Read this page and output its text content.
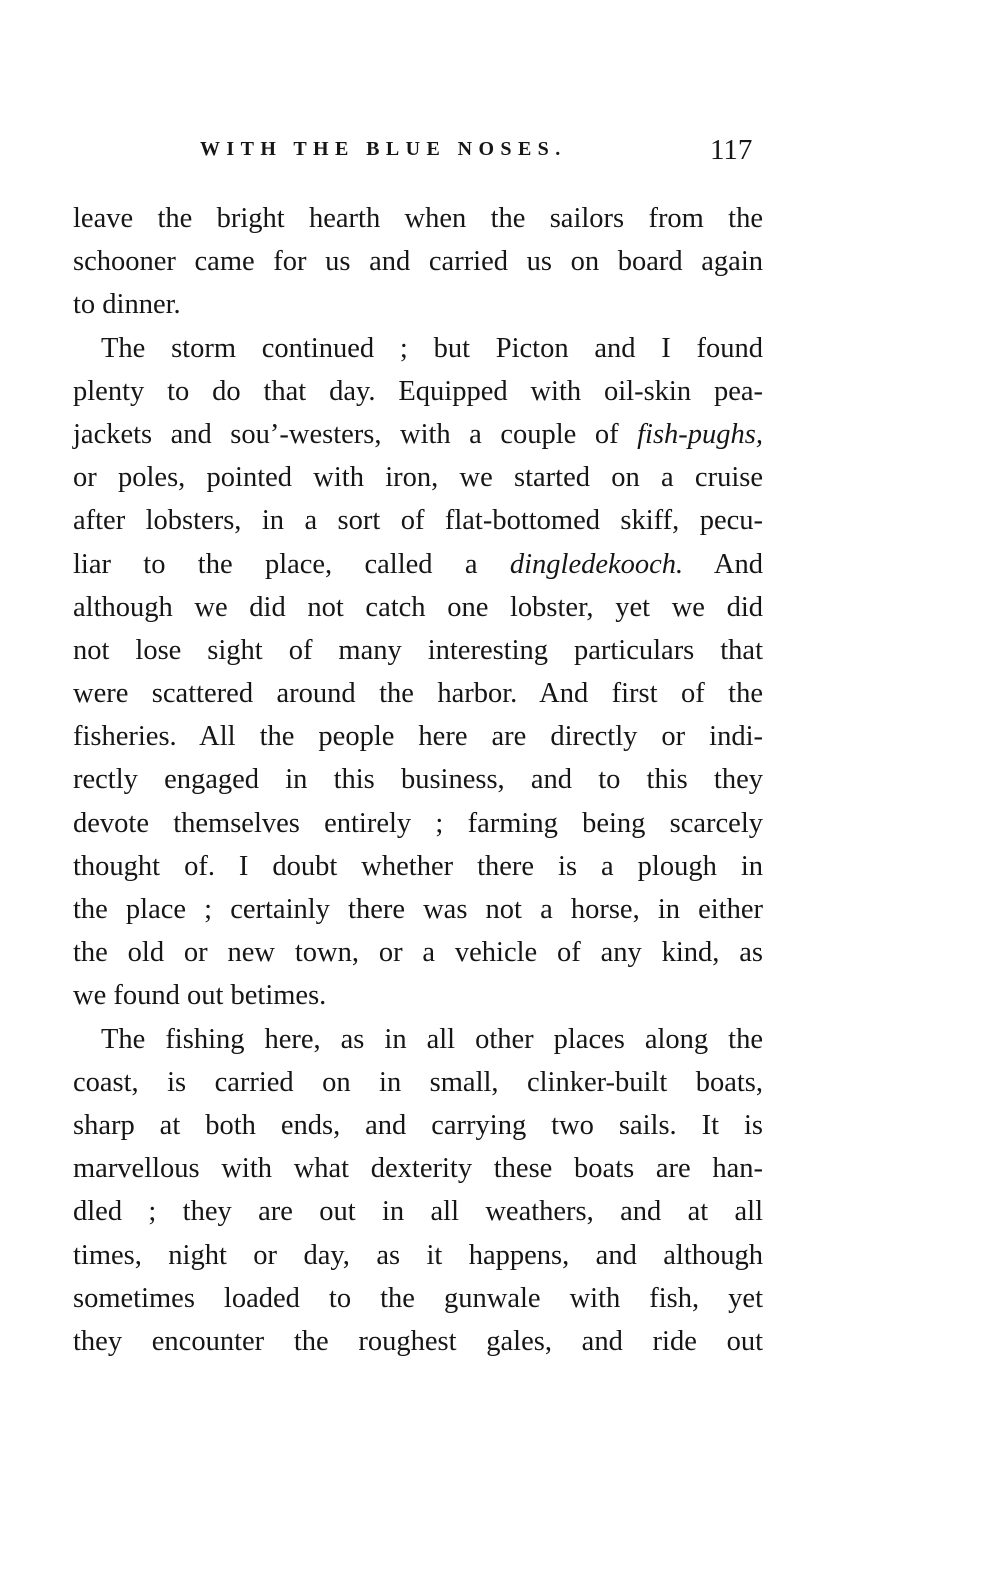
WITH THE BLUE NOSES.	117
leave the bright hearth when the sailors from the
schooner came for us and carried us on board again
to dinner.
The storm continued ; but Picton and I found
plenty to do that day. Equipped with oil-skin pea-
jackets and sou’-westers, with a couple of fish-pughs,
or poles, pointed with iron, we started on a cruise
after lobsters, in a sort of flat-bottomed skiff, pecu-
liar to the place, called a dingledekooch. And
although we did not catch one lobster, yet we did
not lose sight of many interesting particulars that
were scattered around the harbor. And first of the
fisheries. All the people here are directly or indi-
rectly engaged in this business, and to this they
devote themselves entirely ; farming being scarcely
thought of. I doubt whether there is a plough in
the place ; certainly there was not a horse, in either
the old or new town, or a vehicle of any kind, as
we found out betimes.
The fishing here, as in all other places along the
coast, is carried on in small, clinker-built boats,
sharp at both ends, and carrying two sails. It is
marvellous with what dexterity these boats are han-
dled ; they are out in all weathers, and at all
times, night or day, as it happens, and although
sometimes loaded to the gunwale with fish, yet
they encounter the roughest gales, and ride out
